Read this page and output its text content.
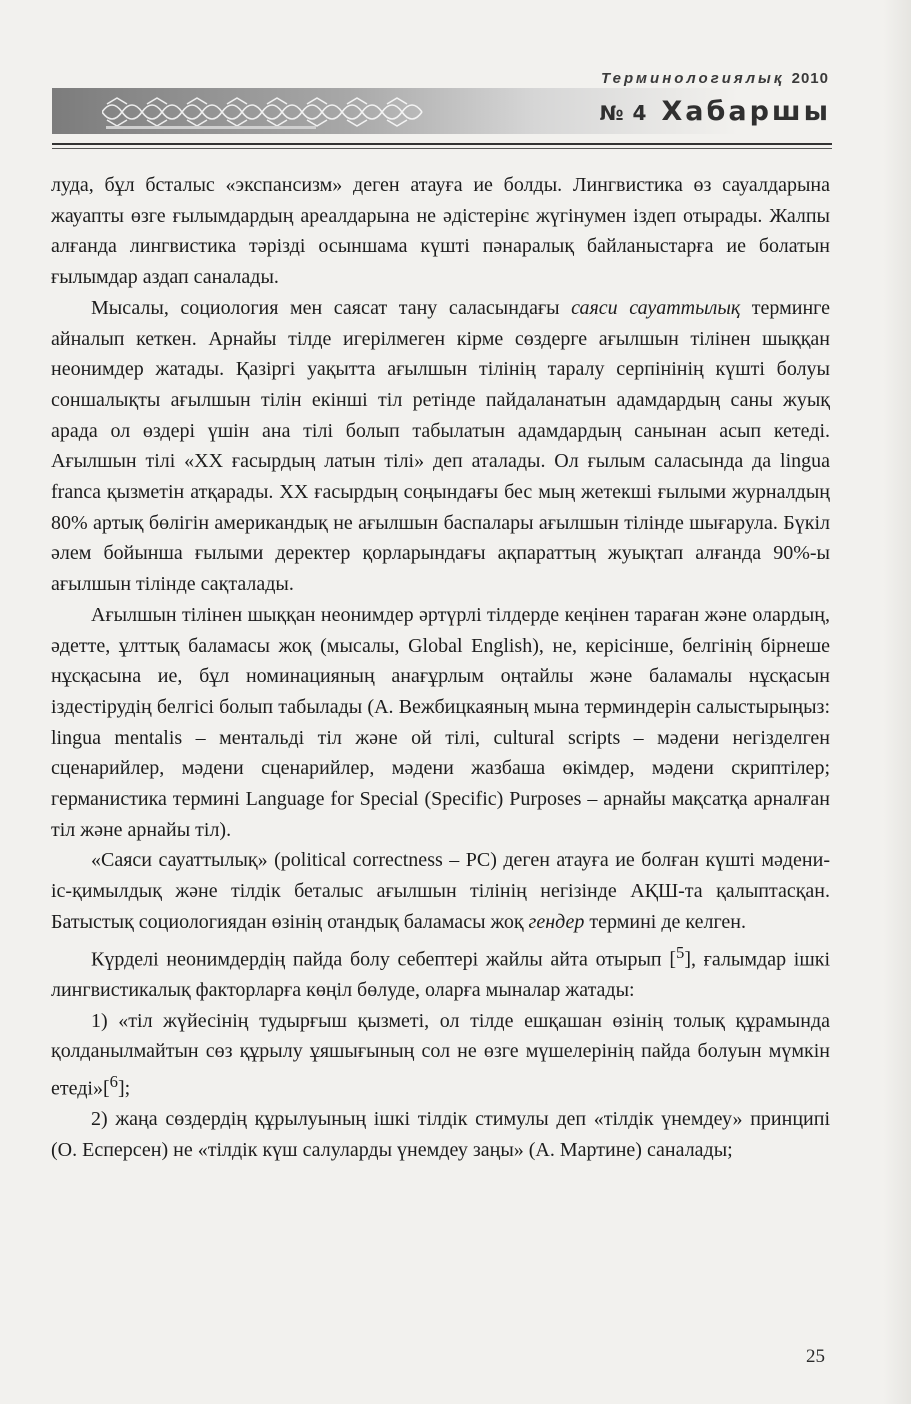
Терминологиялық 2010
№ 4 Хабаршы

луда, бұл бсталыс «экспансизм» деген атауға ие болды. Лингвистика өз сауалдарына жауапты өзге ғылымдардың ареалдарына не әдістерінє жүгінумен іздеп отырады. Жалпы алғанда лингвистика тәрізді осыншама күшті пәнаралық байланыстарға ие болатын ғылымдар аздап саналады.

Мысалы, социология мен саясат тану саласындағы саяси сауаттылық терминге айналып кеткен. Арнайы тілде игерілмеген кірме сөздерге ағылшын тілінен шыққан неонимдер жатады. Қазіргі уақытта ағылшын тілінің таралу серпінінің күшті болуы соншалықты ағылшын тілін екінші тіл ретінде пайдаланатын адамдардың саны жуық арада ол өздері үшін ана тілі болып табылатын адамдардың санынан асып кетеді. Ағылшын тілі «XX ғасырдың латын тілі» деп аталады. Ол ғылым саласында да lingua franca қызметін атқарады. XX ғасырдың соңындағы бес мың жетекші ғылыми журналдың 80% артық бөлігін американдық не ағылшын баспалары ағылшын тілінде шығарула. Бүкіл әлем бойынша ғылыми деректер қорларындағы ақпараттың жуықтап алғанда 90%-ы ағылшын тілінде сақталады.

Ағылшын тілінен шыққан неонимдер әртүрлі тілдерде кеңінен тараған және олардың, әдетте, ұлттық баламасы жоқ (мысалы, Global English), не, керісінше, белгінің бірнеше нұсқасына ие, бұл номинацияның анағұрлым оңтайлы және баламалы нұсқасын іздестірудің белгісі болып табылады (А. Вежбицкаяның мына терминдерін салыстырыңыз: lingua mentalis – ментальді тіл және ой тілі, cultural scripts – мәдени негізделген сценарийлер, мәдени сценарийлер, мәдени жазбаша өкімдер, мәдени скриптілер; германистика термині Language for Special (Specific) Purposes – арнайы мақсатқа арналған тіл және арнайы тіл).

«Саяси сауаттылық» (political correctness – PC) деген атауға ие болған күшті мәдени-іс-қимылдық және тілдік беталыс ағылшын тілінің негізінде АҚШ-та қалыптасқан. Батыстық социологиядан өзінің отандық баламасы жоқ гендер термині де келген.

Күрделі неонимдердің пайда болу себептері жайлы айта отырып [$^5$], ғалымдар ішкі лингвистикалық факторларға көңіл бөлуде, оларға мыналар жатады:

1) «тіл жүйесінің тудырғыш қызметі, ол тілде ешқашан өзінің толық құрамында қолданылмайтын сөз құрылу ұяшығының сол не өзге мүшелерінің пайда болуын мүмкін етеді»[$^6$];

2) жаңа сөздердің құрылуының ішкі тілдік стимулы деп «тілдік үнемдеу» принципі (О. Есперсен) не «тілдік күш салуларды үнемдеу заңы» (А. Мартине) саналады;

25
